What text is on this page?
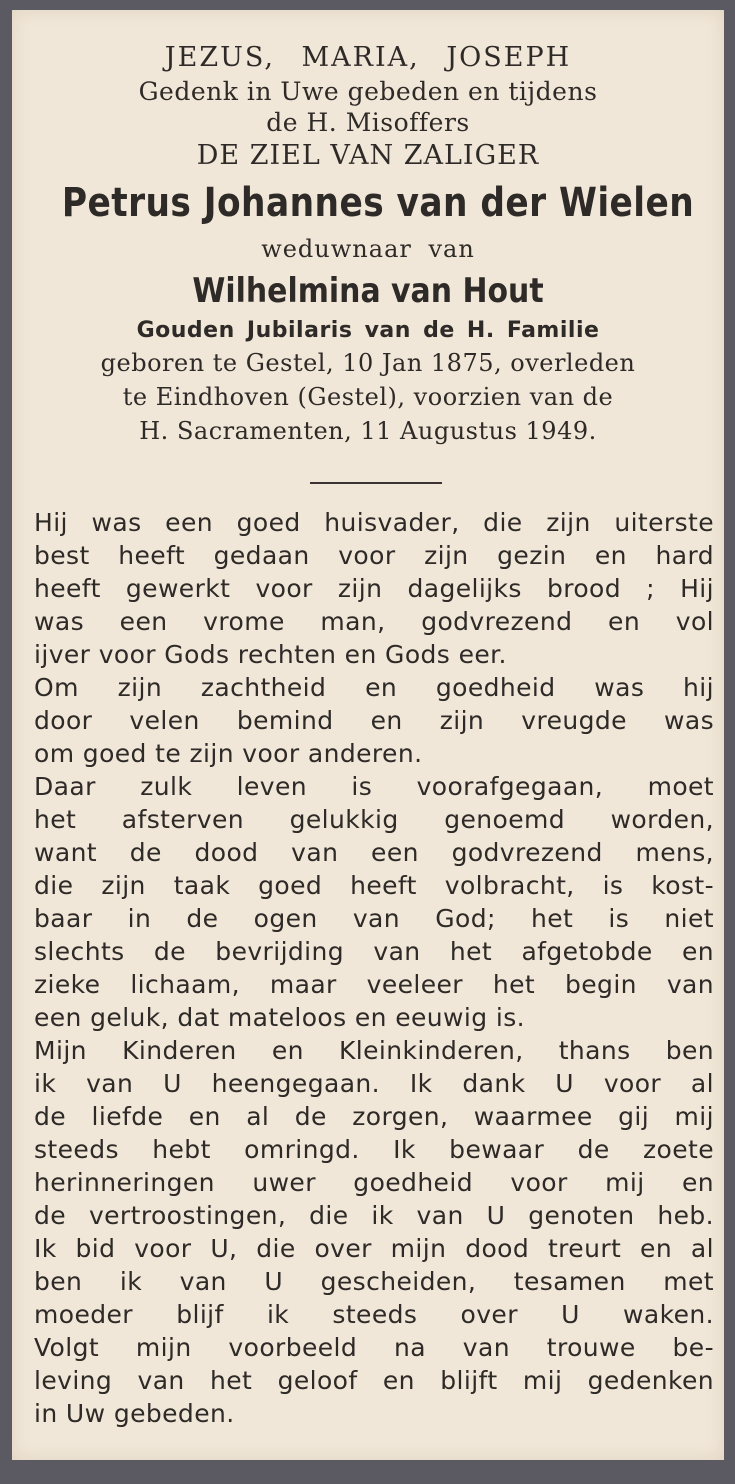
JEZUS, MARIA, JOSEPH
Gedenk in Uwe gebeden en tijdens
de H. Misoffers
DE ZIEL VAN ZALIGER
Petrus Johannes van der Wielen
weduwnaar van
Wilhelmina van Hout
Gouden Jubilaris van de H. Familie
geboren te Gestel, 10 Jan 1875, overleden
te Eindhoven (Gestel), voorzien van de
H. Sacramenten, 11 Augustus 1949.
Hij was een goed huisvader, die zijn uiterste
best heeft gedaan voor zijn gezin en hard
heeft gewerkt voor zijn dagelijks brood ; Hij
was een vrome man, godvrezend en vol
ijver voor Gods rechten en Gods eer.
Om zijn zachtheid en goedheid was hij
door velen bemind en zijn vreugde was
om goed te zijn voor anderen.
Daar zulk leven is voorafgegaan, moet
het afsterven gelukkig genoemd worden,
want de dood van een godvrezend mens,
die zijn taak goed heeft volbracht, is kost-
baar in de ogen van God; het is niet
slechts de bevrijding van het afgetobde en
zieke lichaam, maar veeleer het begin van
een geluk, dat mateloos en eeuwig is.
Mijn Kinderen en Kleinkinderen, thans ben
ik van U heengegaan. Ik dank U voor al
de liefde en al de zorgen, waarmee gij mij
steeds hebt omringd. Ik bewaar de zoete
herinneringen uwer goedheid voor mij en
de vertroostingen, die ik van U genoten heb.
Ik bid voor U, die over mijn dood treurt en al
ben ik van U gescheiden, tesamen met
moeder blijf ik steeds over U waken.
Volgt mijn voorbeeld na van trouwe be-
leving van het geloof en blijft mij gedenken
in Uw gebeden.
